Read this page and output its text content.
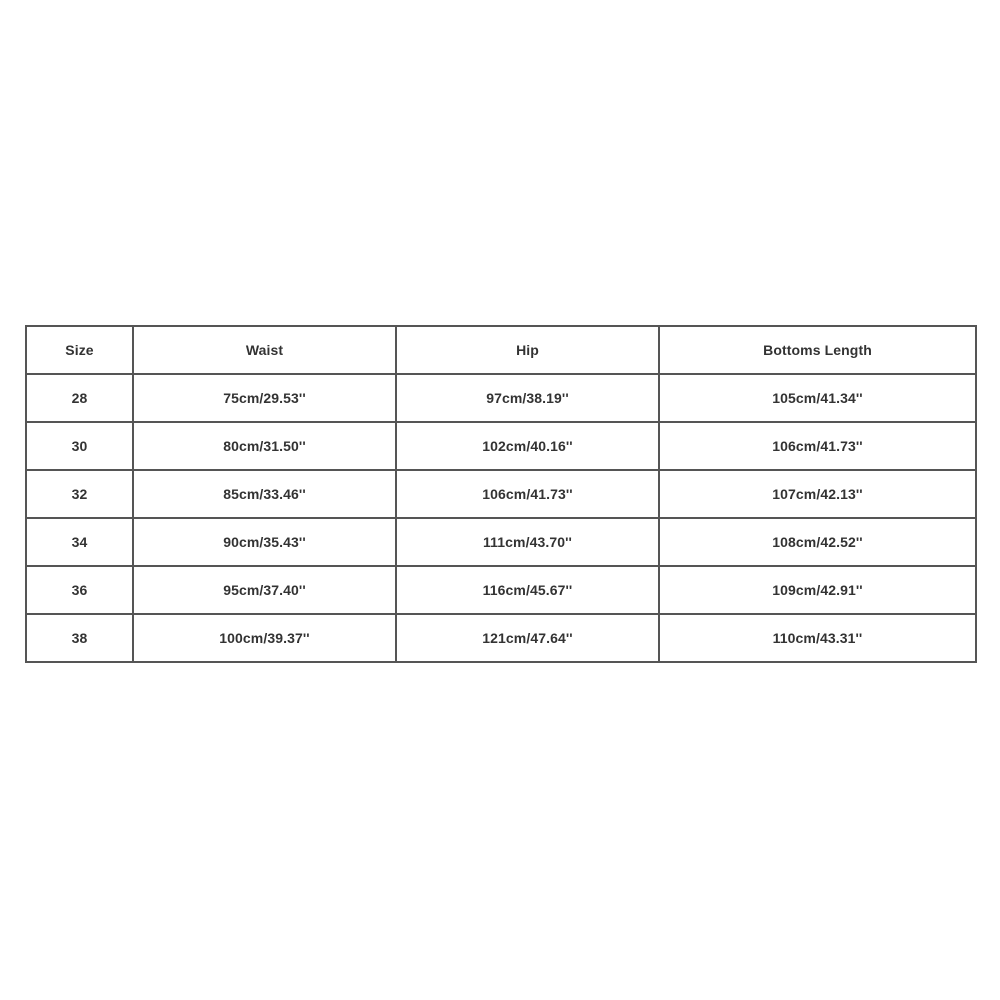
Size	Waist	Hip	Bottoms Length
28	75cm/29.53''	97cm/38.19''	105cm/41.34''
30	80cm/31.50''	102cm/40.16''	106cm/41.73''
32	85cm/33.46''	106cm/41.73''	107cm/42.13''
34	90cm/35.43''	111cm/43.70''	108cm/42.52''
36	95cm/37.40''	116cm/45.67''	109cm/42.91''
38	100cm/39.37''	121cm/47.64''	110cm/43.31''
